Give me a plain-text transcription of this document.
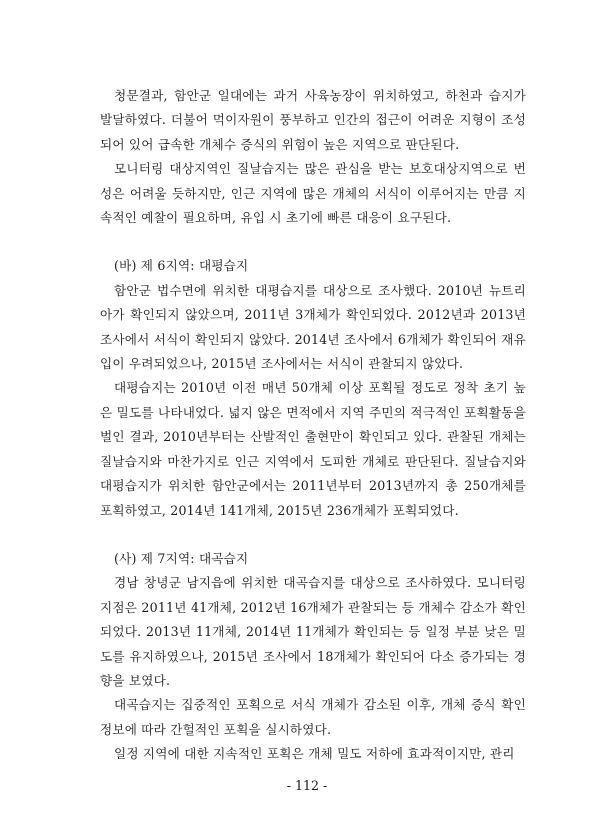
청문결과, 함안군 일대에는 과거 사육농장이 위치하였고, 하천과 습지가 발달하였다. 더불어 먹이자원이 풍부하고 인간의 접근이 어려운 지형이 조성되어 있어 급속한 개체수 증식의 위험이 높은 지역으로 판단된다.

모니터링 대상지역인 질날습지는 많은 관심을 받는 보호대상지역으로 번성은 어려울 듯하지만, 인근 지역에 많은 개체의 서식이 이루어지는 만큼 지속적인 예찰이 필요하며, 유입 시 초기에 빠른 대응이 요구된다.

(바) 제 6지역: 대평습지

함안군 법수면에 위치한 대평습지를 대상으로 조사했다. 2010년 뉴트리아가 확인되지 않았으며, 2011년 3개체가 확인되었다. 2012년과 2013년 조사에서 서식이 확인되지 않았다. 2014년 조사에서 6개체가 확인되어 재유입이 우려되었으나, 2015년 조사에서는 서식이 관찰되지 않았다.

대평습지는 2010년 이전 매년 50개체 이상 포획될 정도로 정착 초기 높은 밀도를 나타내었다. 넓지 않은 면적에서 지역 주민의 적극적인 포획활동을 벌인 결과, 2010년부터는 산발적인 출현만이 확인되고 있다. 관찰된 개체는 질날습지와 마찬가지로 인근 지역에서 도피한 개체로 판단된다. 질날습지와 대평습지가 위치한 함안군에서는 2011년부터 2013년까지 총 250개체를 포획하였고, 2014년 141개체, 2015년 236개체가 포획되었다.

(사) 제 7지역: 대곡습지

경남 창녕군 남지읍에 위치한 대곡습지를 대상으로 조사하였다. 모니터링 지점은 2011년 41개체, 2012년 16개체가 관찰되는 등 개체수 감소가 확인되었다. 2013년 11개체, 2014년 11개체가 확인되는 등 일정 부분 낮은 밀도를 유지하였으나, 2015년 조사에서 18개체가 확인되어 다소 증가되는 경향을 보였다.

대곡습지는 집중적인 포획으로 서식 개체가 감소된 이후, 개체 증식 확인 정보에 따라 간헐적인 포획을 실시하였다.

일정 지역에 대한 지속적인 포획은 개체 밀도 저하에 효과적이지만, 관리

- 112 -
